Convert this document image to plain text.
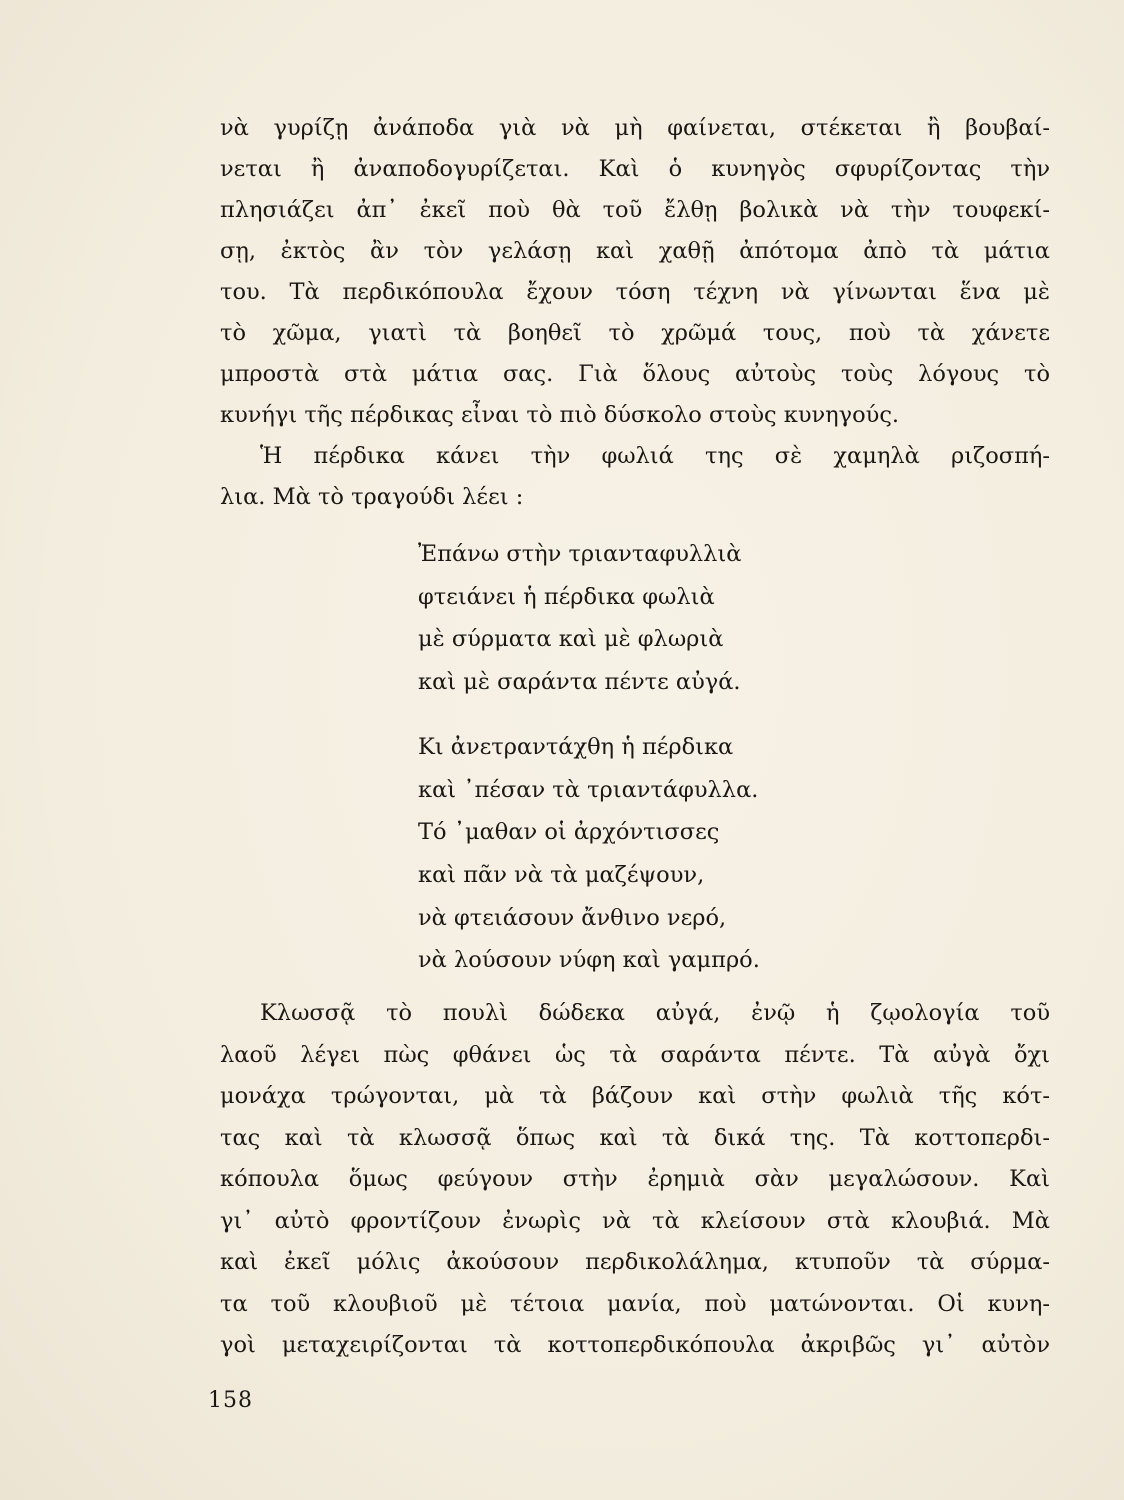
νὰ γυρίζῃ ἀνάποδα γιὰ νὰ μὴ φαίνεται, στέκεται ἢ βουβαί-
νεται ἢ ἀναποδογυρίζεται. Καὶ ὁ κυνηγὸς σφυρίζοντας τὴν
πλησιάζει ἀπ᾽ ἐκεῖ ποὺ θὰ τοῦ ἔλθῃ βολικὰ νὰ τὴν τουφεκί-
σῃ, ἐκτὸς ἂν τὸν γελάσῃ καὶ χαθῇ ἀπότομα ἀπὸ τὰ μάτια
του. Τὰ περδικόπουλα ἔχουν τόση τέχνη νὰ γίνωνται ἕνα μὲ
τὸ χῶμα, γιατὶ τὰ βοηθεῖ τὸ χρῶμά τους, ποὺ τὰ χάνετε
μπροστὰ στὰ μάτια σας. Γιὰ ὅλους αὐτοὺς τοὺς λόγους τὸ
κυνήγι τῆς πέρδικας εἶναι τὸ πιὸ δύσκολο στοὺς κυνηγούς.
Ἡ πέρδικα κάνει τὴν φωλιά της σὲ χαμηλὰ ριζοσπή-
λια. Μὰ τὸ τραγούδι λέει :
Ἐπάνω στὴν τριανταφυλλιὰ
φτειάνει ἡ πέρδικα φωλιὰ
μὲ σύρματα καὶ μὲ φλωριὰ
καὶ μὲ σαράντα πέντε αὐγά.
Κι ἀνετραντάχθη ἡ πέρδικα
καὶ ᾽πέσαν τὰ τριαντάφυλλα.
Τό ᾽μαθαν οἱ ἀρχόντισσες
καὶ πᾶν νὰ τὰ μαζέψουν,
νὰ φτειάσουν ἄνθινο νερό,
νὰ λούσουν νύφη καὶ γαμπρό.
Κλωσσᾷ τὸ πουλὶ δώδεκα αὐγά, ἐνῷ ἡ ζῳολογία τοῦ
λαοῦ λέγει πὼς φθάνει ὡς τὰ σαράντα πέντε. Τὰ αὐγὰ ὄχι
μονάχα τρώγονται, μὰ τὰ βάζουν καὶ στὴν φωλιὰ τῆς κότ-
τας καὶ τὰ κλωσσᾷ ὅπως καὶ τὰ δικά της. Τὰ κοττοπερδι-
κόπουλα ὅμως φεύγουν στὴν ἐρημιὰ σὰν μεγαλώσουν. Καὶ
γι᾽ αὐτὸ φροντίζουν ἐνωρὶς νὰ τὰ κλείσουν στὰ κλουβιά. Μὰ
καὶ ἐκεῖ μόλις ἀκούσουν περδικολάλημα, κτυποῦν τὰ σύρμα-
τα τοῦ κλουβιοῦ μὲ τέτοια μανία, ποὺ ματώνονται. Οἱ κυνη-
γοὶ μεταχειρίζονται τὰ κοττοπερδικόπουλα ἀκριβῶς γι᾽ αὐτὸν
158
